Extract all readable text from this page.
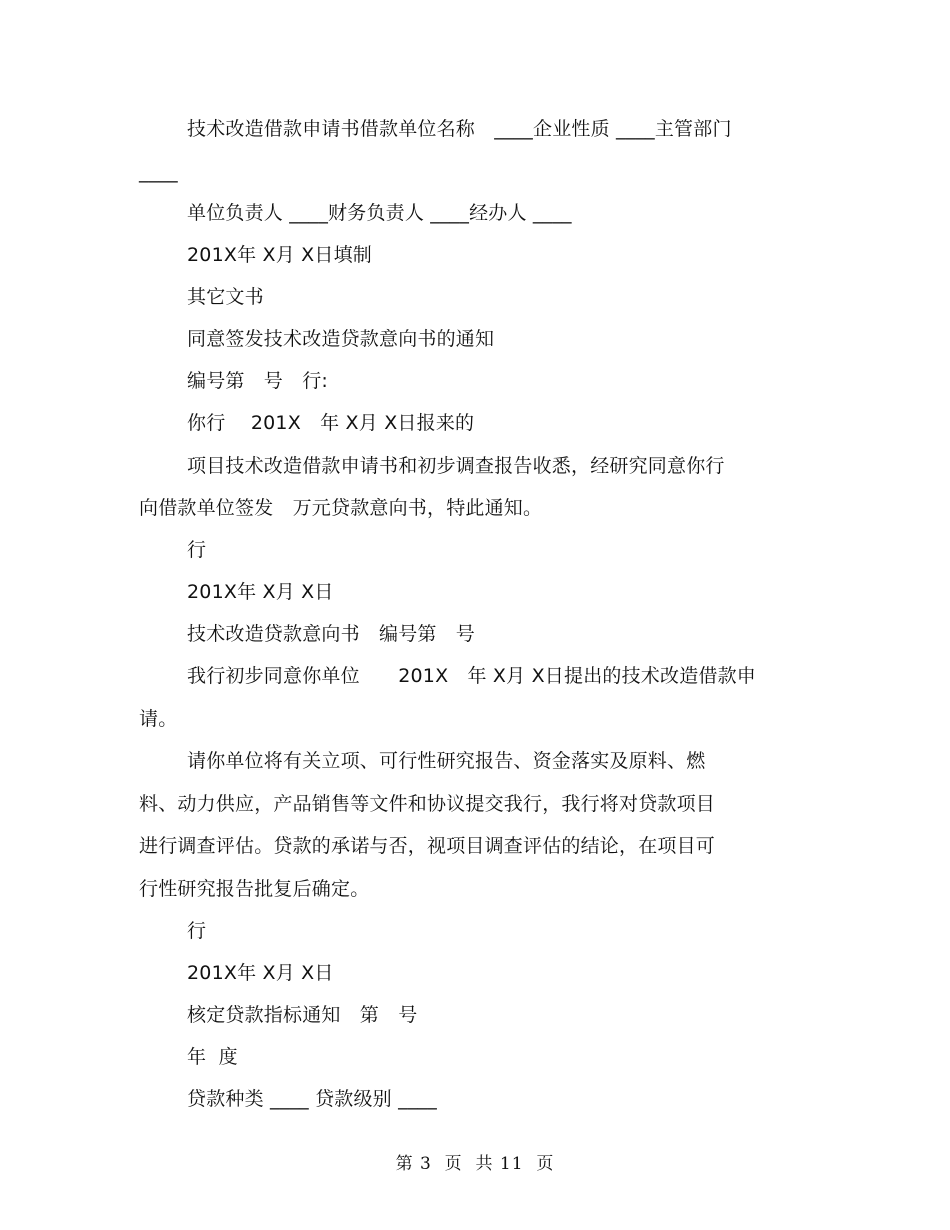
技术改造借款申请书借款单位名称　____企业性质 ____主管部门
____
单位负责人 ____财务负责人 ____经办人 ____
201X年 X月 X日填制
其它文书
同意签发技术改造贷款意向书的通知
编号第　号　行:
你行　 201X　年 X月 X日报来的
项目技术改造借款申请书和初步调查报告收悉，经研究同意你行
向借款单位签发　万元贷款意向书，特此通知。
行
201X年 X月 X日
技术改造贷款意向书　编号第　号
我行初步同意你单位　　201X　年 X月 X日提出的技术改造借款申
请。
请你单位将有关立项、可行性研究报告、资金落实及原料、燃
料、动力供应，产品销售等文件和协议提交我行，我行将对贷款项目
进行调查评估。贷款的承诺与否，视项目调查评估的结论，在项目可
行性研究报告批复后确定。
行
201X年 X月 X日
核定贷款指标通知　第　号
年  度
贷款种类 ____ 贷款级别 ____
第 3  页  共 11  页
